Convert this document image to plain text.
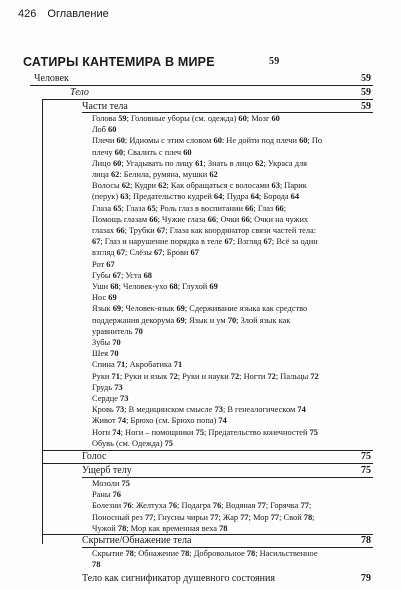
426 Оглавление
САТИРЫ КАНТЕМИРА В МИРЕ	59
Человек	59
Тело	59
Части тела	59
Голова 59; Головные уборы (см. одежда) 60; Мозг 60
Лоб 60
Плечи 60; Идиомы с этим словом 60: Не дойти под плечи 60; По
плечу 60; Свалить с плеч 60
Лицо 60; Угадывать по лицу 61; Знать в лицо 62; Украса для
лица 62: Белила, румяна, мушки 62
Волосы 62; Кудри 62; Как обращаться с волосами 63; Парик
(перук) 63; Предательство кудрей 64; Пудра 64; Борода 64
Глаза 65; Глаза 65; Роль глаз в воспитании 66; Глаз 66;
Помощь глазам 66; Чужие глаза 66; Очки 66; Очки на чужих
глазах 66; Трубки 67; Глаза как координатор связи частей тела:
67; Глаз и нарушение порядка в теле 67; Взгляд 67; Всё за один
взгляд 67; Слёзы 67; Брови 67
Рот 67
Губы 67; Уста 68
Уши 68; Человек-ухо 68; Глухой 69
Нос 69
Язык 69; Человек-язык 69; Сдерживание языка как средство
поддержания декорума 69; Язык и ум 70; Злой язык как
уравнитель 70
Зубы 70
Шея 70
Спина 71; Акробатика 71
Руки 71; Руки и язык 72; Руки и науки 72; Ногти 72; Пальцы 72
Грудь 73
Сердце 73
Кровь 73; В медицинском смысле 73; В генеалогическом 74
Живот 74; Брюхо (см. Брюхо попа) 74
Ноги 74; Ноги – помощники 75; Предательство конечностей 75
Обувь (см. Одежда) 75
Голос	75
Ущерб телу	75
Мозоли 75
Раны 76
Болезни 76: Желтуха 76; Подагра 76; Водяная 77; Горячка 77;
Поносный рез 77; Гнусны чирьи 77; Жар 77; Мор 77; Свой 78;
Чужой 78; Мор как временная веха 78
Скрытие/Обнажение тела	78
Скрытие 78; Обнажение 78; Добровольное 78; Насильственное
78
Тело как сигнификатор душевного состояния	79
